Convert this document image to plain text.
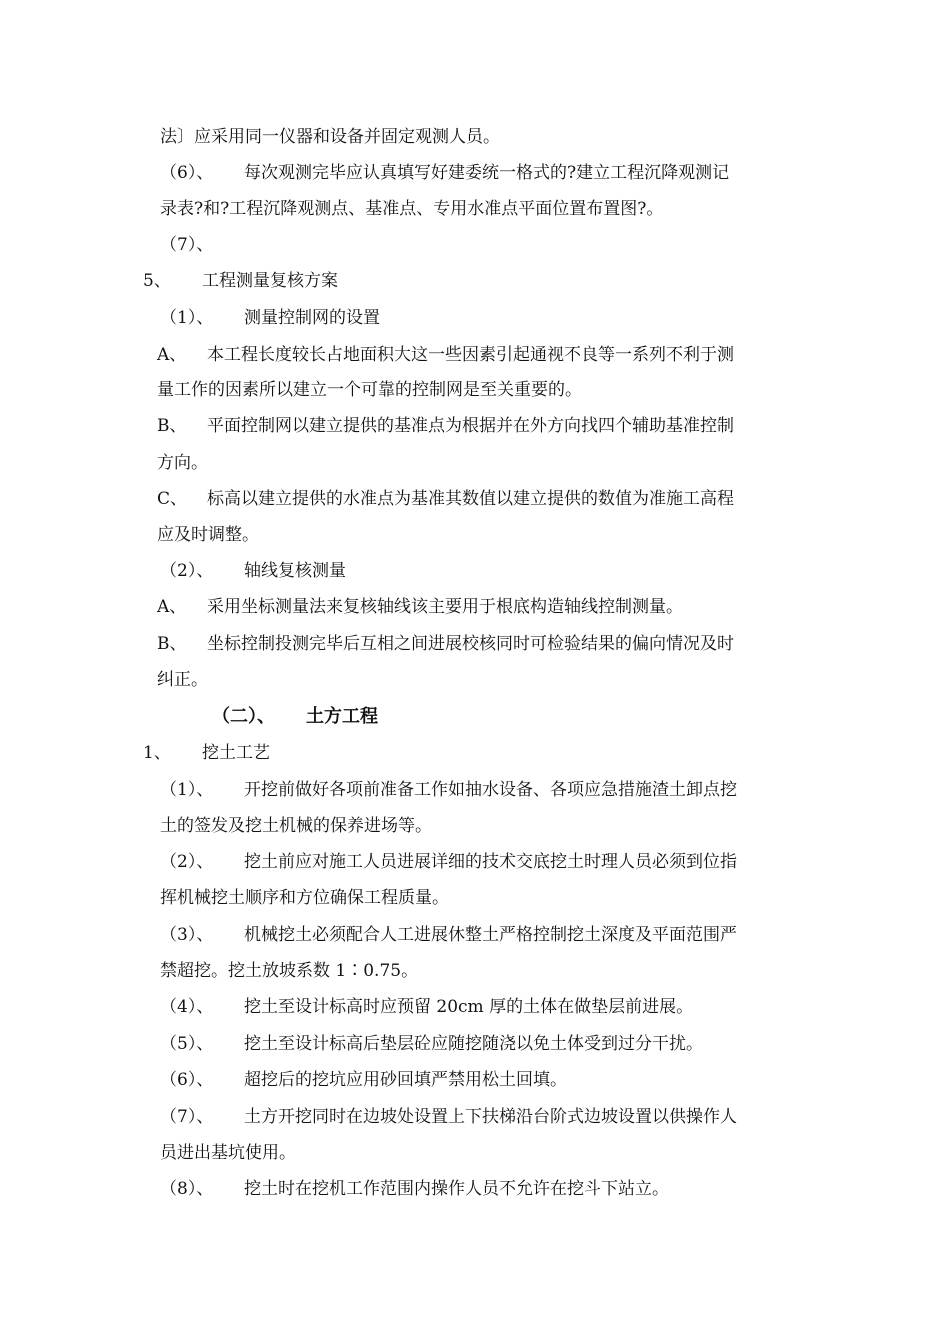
法〕应采用同一仪器和设备并固定观测人员。
（6）、 每次观测完毕应认真填写好建委统一格式的?建立工程沉降观测记
录表?和?工程沉降观测点、基准点、专用水准点平面位置布置图?。
（7）、
5、 工程测量复核方案
（1）、 测量控制网的设置
A、 本工程长度较长占地面积大这一些因素引起通视不良等一系列不利于测
量工作的因素所以建立一个可靠的控制网是至关重要的。
B、 平面控制网以建立提供的基准点为根据并在外方向找四个辅助基准控制
方向。
C、 标高以建立提供的水准点为基准其数值以建立提供的数值为准施工高程
应及时调整。
（2）、 轴线复核测量
A、 采用坐标测量法来复核轴线该主要用于根底构造轴线控制测量。
B、 坐标控制投测完毕后互相之间进展校核同时可检验结果的偏向情况及时
纠正。
（二）、 土方工程
1、 挖土工艺
（1）、 开挖前做好各项前准备工作如抽水设备、各项应急措施渣土卸点挖
土的签发及挖土机械的保养进场等。
（2）、 挖土前应对施工人员进展详细的技术交底挖土时理人员必须到位指
挥机械挖土顺序和方位确保工程质量。
（3）、 机械挖土必须配合人工进展休整土严格控制挖土深度及平面范围严
禁超挖。挖土放坡系数 1∶0.75。
（4）、 挖土至设计标高时应预留 20cm 厚的土体在做垫层前进展。
（5）、 挖土至设计标高后垫层砼应随挖随浇以免土体受到过分干扰。
（6）、 超挖后的挖坑应用砂回填严禁用松土回填。
（7）、 土方开挖同时在边坡处设置上下扶梯沿台阶式边坡设置以供操作人
员进出基坑使用。
（8）、 挖土时在挖机工作范围内操作人员不允许在挖斗下站立。
